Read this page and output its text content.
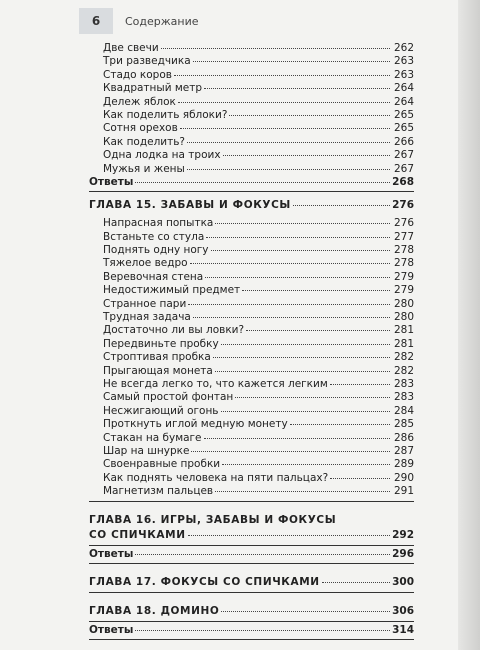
6	Содержание
Две свечи	262
Три разведчика	263
Стадо коров	263
Квадратный метр	264
Дележ яблок	264
Как поделить яблоки?	265
Сотня орехов	265
Как поделить?	266
Одна лодка на троих	267
Мужья и жены	267
Ответы	268
ГЛАВА 15. ЗАБАВЫ И ФОКУСЫ	276
Напрасная попытка	276
Встаньте со стула	277
Поднять одну ногу	278
Тяжелое ведро	278
Веревочная стена	279
Недостижимый предмет	279
Странное пари	280
Трудная задача	280
Достаточно ли вы ловки?	281
Передвиньте пробку	281
Строптивая пробка	282
Прыгающая монета	282
Не всегда легко то, что кажется легким	283
Самый простой фонтан	283
Несжигающий огонь	284
Проткнуть иглой медную монету	285
Стакан на бумаге	286
Шар на шнурке	287
Своенравные пробки	289
Как поднять человека на пяти пальцах?	290
Магнетизм пальцев	291
ГЛАВА 16. ИГРЫ, ЗАБАВЫ И ФОКУСЫ
СО СПИЧКАМИ	292
Ответы	296
ГЛАВА 17. ФОКУСЫ СО СПИЧКАМИ	300
ГЛАВА 18. ДОМИНО	306
Ответы	314
